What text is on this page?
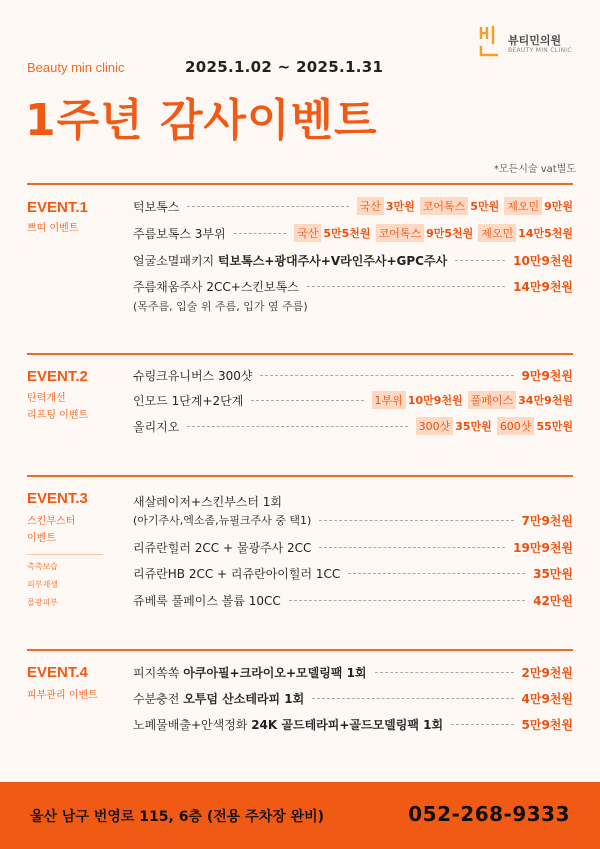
Beauty min clinic	2025.1.02 ~ 2025.1.31
뷰티민의원
BEAUTY MIN CLINIC
1주년 감사이벤트
*모든시술 vat별도
EVENT.1
쁘띠 이벤트
턱보톡스	국산 3만원 코어톡스 5만원 제오민 9만원
주름보톡스 3부위	국산 5만5천원 코어톡스 9만5천원 제오민 14만5천원
얼굴소멸패키지 턱보톡스+광대주사+V라인주사+GPC주사	10만9천원
주름채움주사 2CC+스킨보톡스	14만9천원
(목주름, 입술 위 주름, 입가 옆 주름)
EVENT.2
탄력개선
리프팅 이벤트
슈링크유니버스 300샷	9만9천원
인모드 1단계+2단계	1부위 10만9천원 풀페이스 34만9천원
올리지오	300샷 35만원 600샷 55만원
EVENT.3
스킨부스터
이벤트
촉촉보습
피부재생
물광피부
새살레이저+스킨부스터 1회
(아기주사,엑소좀,뉴필크주사 중 택1)	7만9천원
리쥬란힐러 2CC + 물광주사 2CC	19만9천원
리쥬란HB 2CC + 리쥬란아이힐러 1CC	35만원
쥬베룩 풀페이스 볼륨 10CC	42만원
EVENT.4
피부관리 이벤트
피지쏙쏙 아쿠아필+크라이오+모델링팩 1회	2만9천원
수분충전 오투덤 산소테라피 1회	4만9천원
노폐물배출+안색정화 24K 골드테라피+골드모델링팩 1회	5만9천원
울산 남구 번영로 115, 6층 (전용 주차장 완비)	052-268-9333
